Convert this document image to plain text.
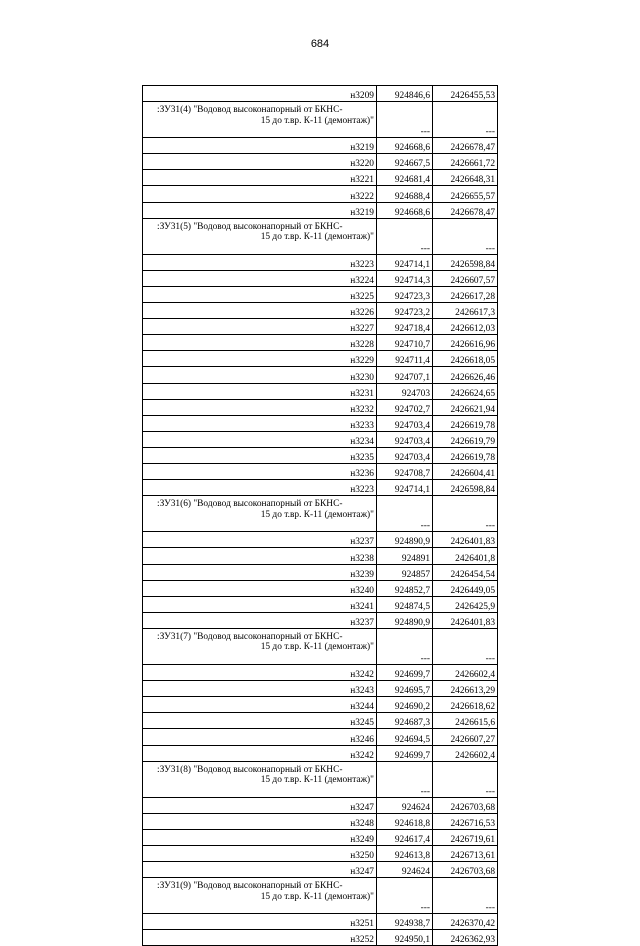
684
н3209	924846,6	2426455,53
:ЗУ31(4) "Водовод высоконапорный от БКНС-
15 до т.вр. К-11 (демонтаж)"	---	---
н3219	924668,6	2426678,47
н3220	924667,5	2426661,72
н3221	924681,4	2426648,31
н3222	924688,4	2426655,57
н3219	924668,6	2426678,47
:ЗУ31(5) "Водовод высоконапорный от БКНС-
15 до т.вр. К-11 (демонтаж)"	---	---
н3223	924714,1	2426598,84
н3224	924714,3	2426607,57
н3225	924723,3	2426617,28
н3226	924723,2	2426617,3
н3227	924718,4	2426612,03
н3228	924710,7	2426616,96
н3229	924711,4	2426618,05
н3230	924707,1	2426626,46
н3231	924703	2426624,65
н3232	924702,7	2426621,94
н3233	924703,4	2426619,78
н3234	924703,4	2426619,79
н3235	924703,4	2426619,78
н3236	924708,7	2426604,41
н3223	924714,1	2426598,84
:ЗУ31(6) "Водовод высоконапорный от БКНС-
15 до т.вр. К-11 (демонтаж)"	---	---
н3237	924890,9	2426401,83
н3238	924891	2426401,8
н3239	924857	2426454,54
н3240	924852,7	2426449,05
н3241	924874,5	2426425,9
н3237	924890,9	2426401,83
:ЗУ31(7) "Водовод высоконапорный от БКНС-
15 до т.вр. К-11 (демонтаж)"	---	---
н3242	924699,7	2426602,4
н3243	924695,7	2426613,29
н3244	924690,2	2426618,62
н3245	924687,3	2426615,6
н3246	924694,5	2426607,27
н3242	924699,7	2426602,4
:ЗУ31(8) "Водовод высоконапорный от БКНС-
15 до т.вр. К-11 (демонтаж)"	---	---
н3247	924624	2426703,68
н3248	924618,8	2426716,53
н3249	924617,4	2426719,61
н3250	924613,8	2426713,61
н3247	924624	2426703,68
:ЗУ31(9) "Водовод высоконапорный от БКНС-
15 до т.вр. К-11 (демонтаж)"	---	---
н3251	924938,7	2426370,42
н3252	924950,1	2426362,93
